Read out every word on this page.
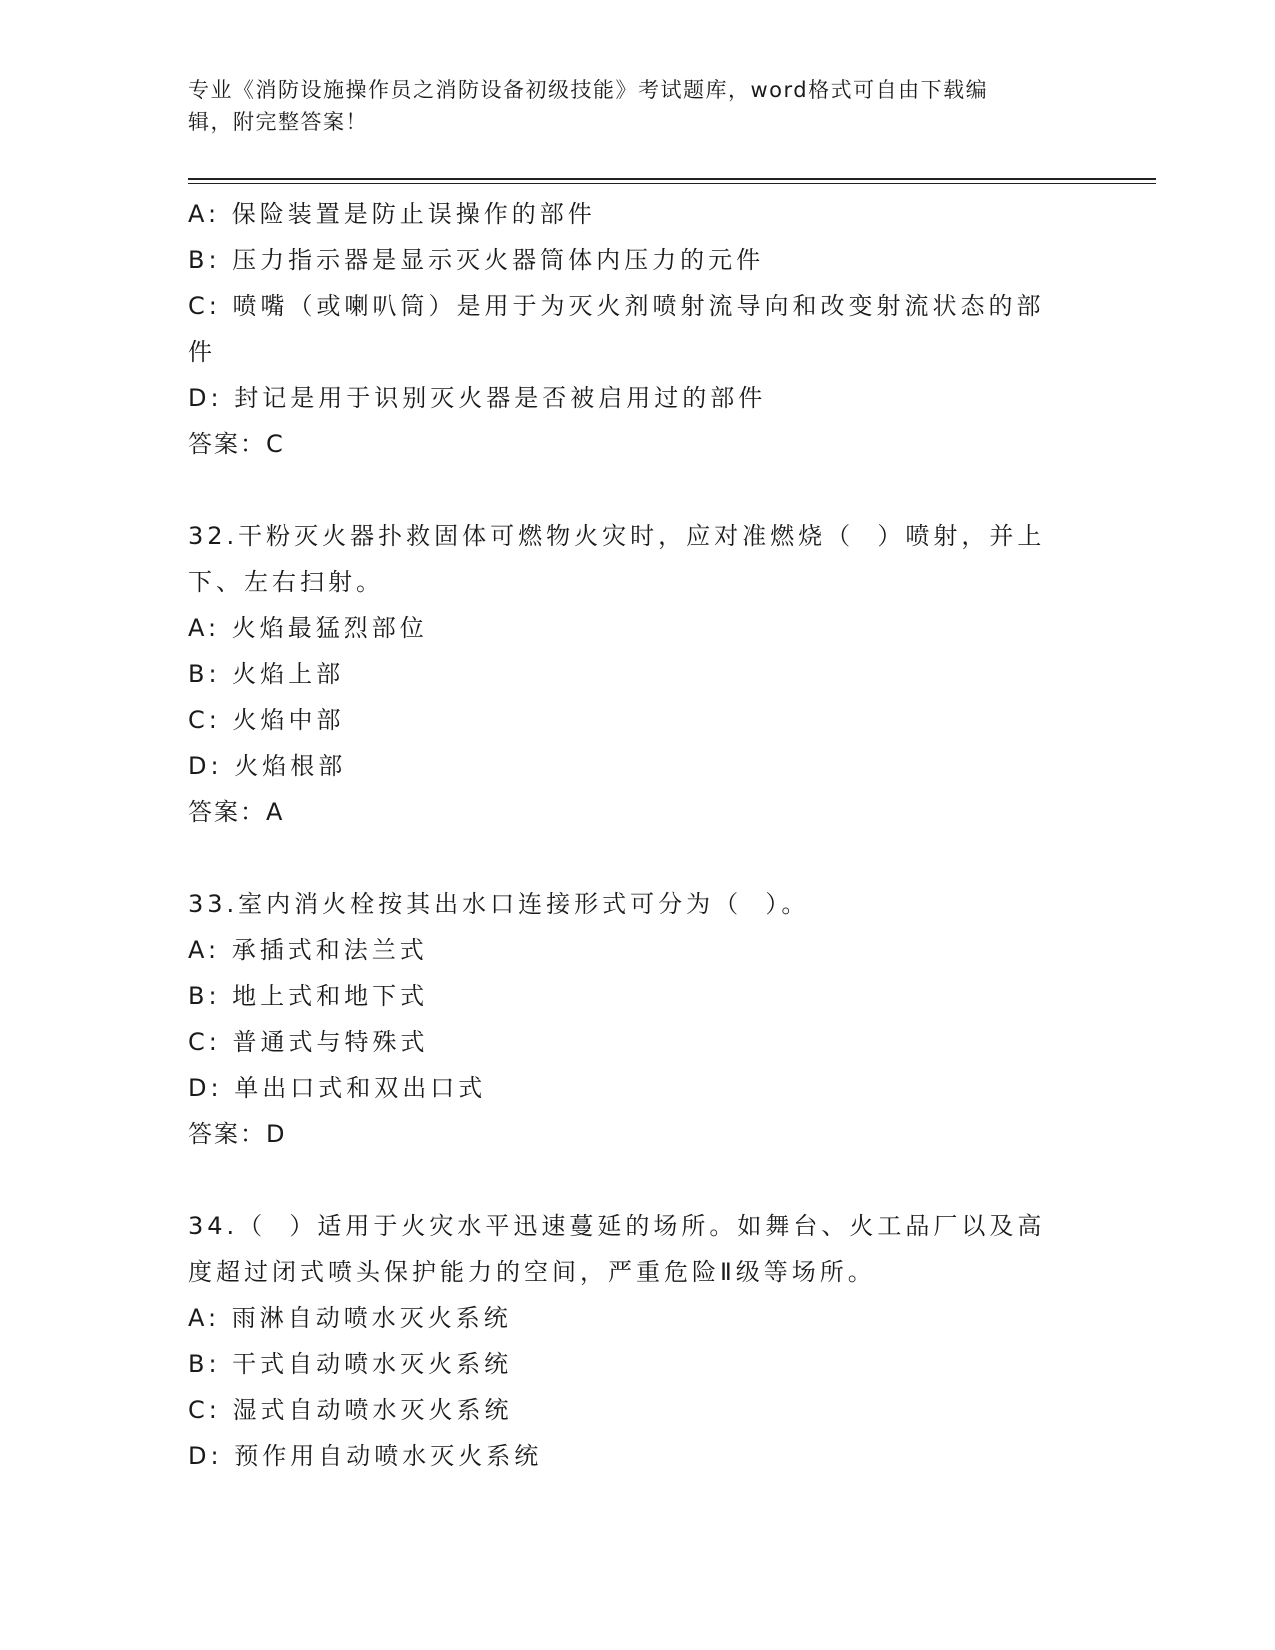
专业《消防设施操作员之消防设备初级技能》考试题库，word格式可自由下载编
辑，附完整答案！

A: 保险装置是防止误操作的部件

B: 压力指示器是显示灭火器筒体内压力的元件

C: 喷嘴（或喇叭筒）是用于为灭火剂喷射流导向和改变射流状态的部

件

D: 封记是用于识别灭火器是否被启用过的部件

答案：C

32.干粉灭火器扑救固体可燃物火灾时，应对准燃烧（  ）喷射，并上

下、左右扫射。

A: 火焰最猛烈部位

B: 火焰上部

C: 火焰中部

D: 火焰根部

答案：A

33.室内消火栓按其出水口连接形式可分为（  ）。

A: 承插式和法兰式

B: 地上式和地下式

C: 普通式与特殊式

D: 单出口式和双出口式

答案：D

34.（  ）适用于火灾水平迅速蔓延的场所。如舞台、火工品厂以及高

度超过闭式喷头保护能力的空间，严重危险Ⅱ级等场所。

A: 雨淋自动喷水灭火系统

B: 干式自动喷水灭火系统

C: 湿式自动喷水灭火系统

D: 预作用自动喷水灭火系统
